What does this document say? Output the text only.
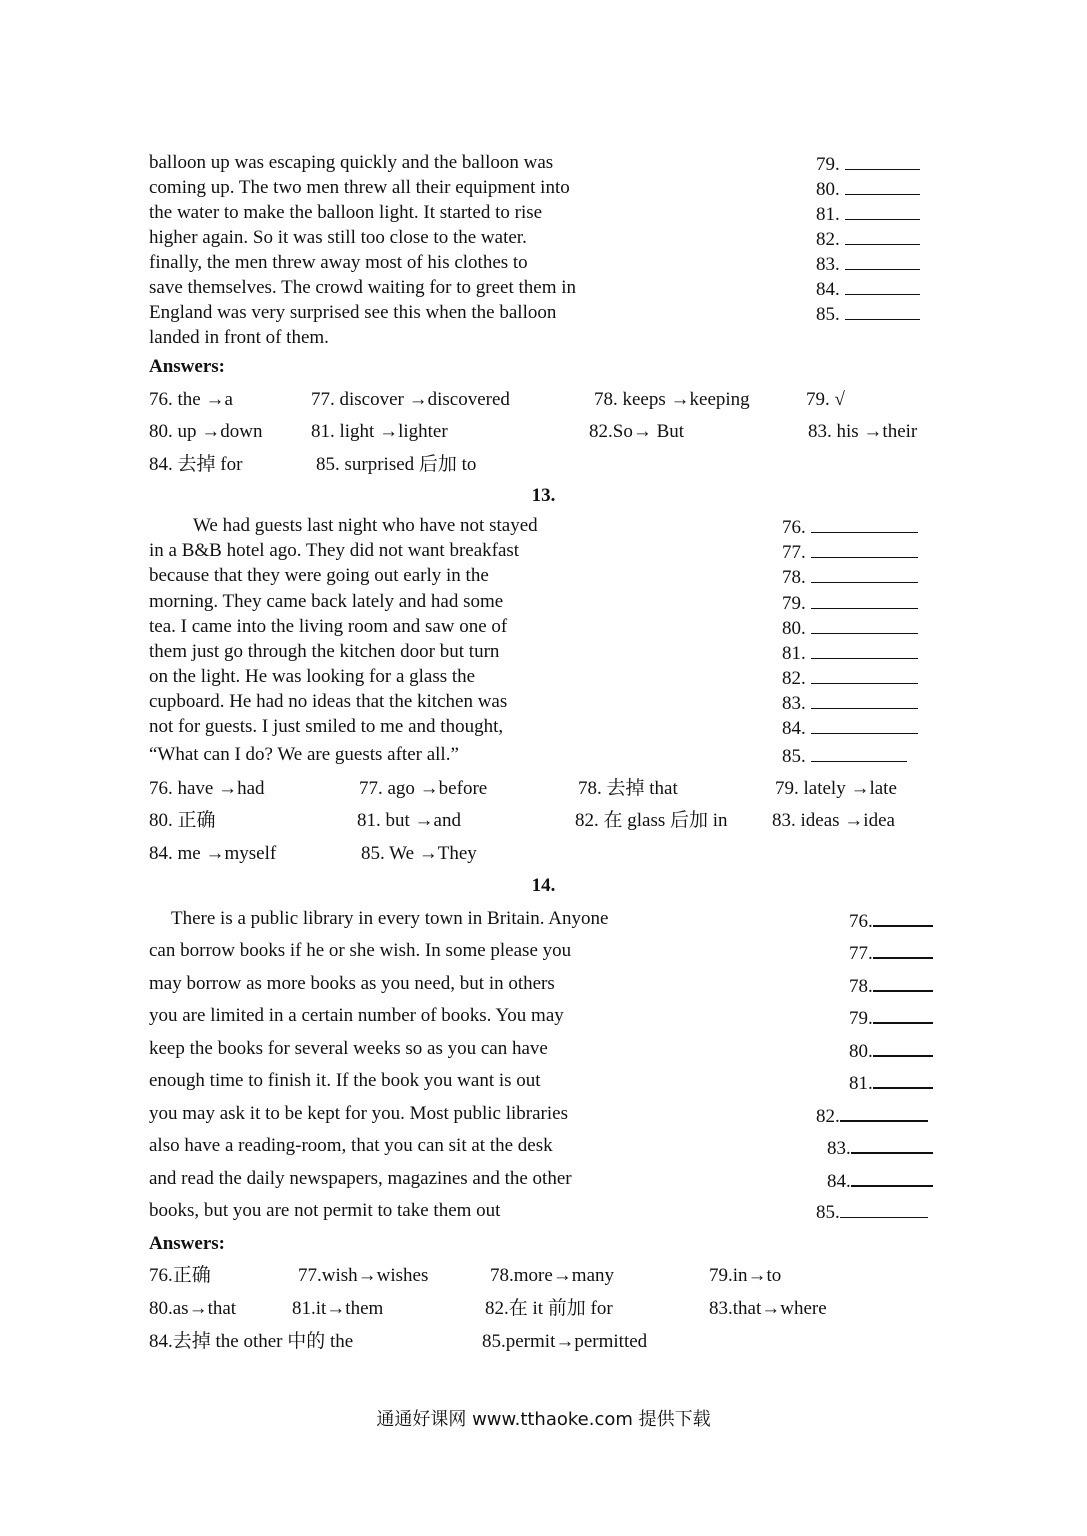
balloon up was escaping quickly and the balloon was
coming up. The two men threw all their equipment into
the water to make the balloon light. It started to rise
higher again. So it was still too close to the water.
finally, the men threw away most of his clothes to
save themselves. The crowd waiting for to greet them in
England was very surprised see this when the balloon
landed in front of them.
79.
80.
81.
82.
83.
84.
85.
Answers:
76. the →a	77. discover →discovered	78. keeps →keeping	79. √
80. up →down	81. light →lighter	82.So→ But	83. his →their
84. 去掉 for	85. surprised 后加 to
13.
We had guests last night who have not stayed
in a B&B hotel ago. They did not want breakfast
because that they were going out early in the
morning. They came back lately and had some
tea. I came into the living room and saw one of
them just go through the kitchen door but turn
on the light. He was looking for a glass the
cupboard. He had no ideas that the kitchen was
not for guests. I just smiled to me and thought,
“What can I do? We are guests after all.”
76.
77.
78.
79.
80.
81.
82.
83.
84.
85.
76. have →had	77. ago →before	78. 去掉 that	79. lately →late
80. 正确	81. but →and	82. 在 glass 后加 in 83. ideas →idea
84. me →myself	85. We →They
14.
There is a public library in every town in Britain. Anyone
can borrow books if he or she wish. In some please you
may borrow as more books as you need, but in others
you are limited in a certain number of books. You may
keep the books for several weeks so as you can have
enough time to finish it. If the book you want is out
you may ask it to be kept for you. Most public libraries
also have a reading-room, that you can sit at the desk
and read the daily newspapers, magazines and the other
books, but you are not permit to take them out
76.
77.
78.
79.
80.
81.
82.
83.
84.
85.
Answers:
76.正确	77.wish→wishes	78.more→many	79.in→to
80.as→that	81.it→them	82.在 it 前加 for	83.that→where
84.去掉 the other 中的 the	85.permit→permitted
通通好课网 www.tthaoke.com 提供下载
